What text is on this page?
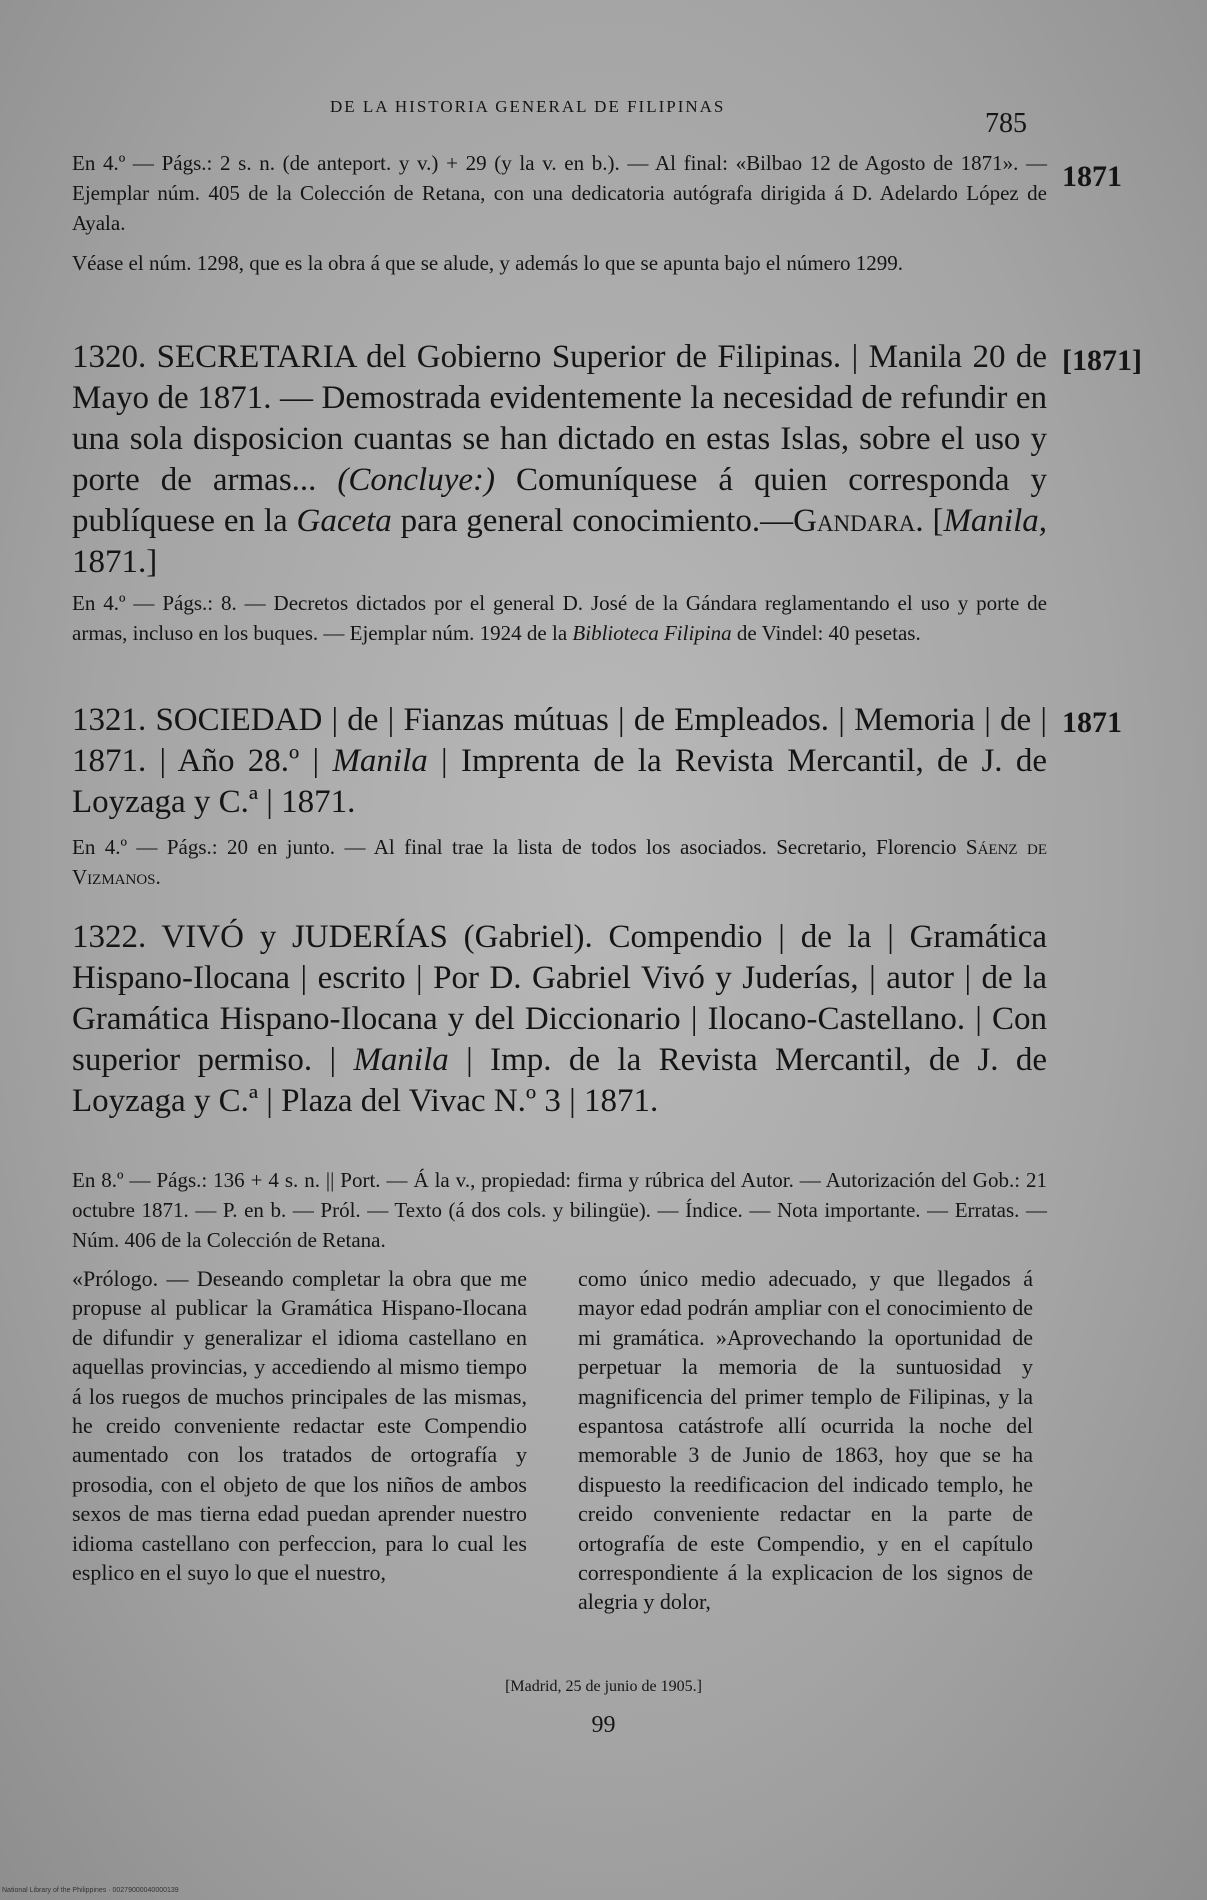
DE LA HISTORIA GENERAL DE FILIPINAS
785
1871
[1871]
1871
En 4.º — Págs.: 2 s. n. (de anteport. y v.) + 29 (y la v. en b.). — Al final: «Bilbao 12 de Agosto de 1871». — Ejemplar núm. 405 de la Colección de Retana, con una dedicatoria autógrafa dirigida á D. Adelardo López de Ayala.
Véase el núm. 1298, que es la obra á que se alude, y además lo que se apunta bajo el número 1299.
1320. SECRETARIA del Gobierno Superior de Filipinas. | Manila 20 de Mayo de 1871. — Demostrada evidentemente la necesidad de refundir en una sola disposicion cuantas se han dictado en estas Islas, sobre el uso y porte de armas... (Concluye:) Comuníquese á quien corresponda y publíquese en la Gaceta para general conocimiento.—Gandara. [Manila, 1871.]
En 4.º — Págs.: 8. — Decretos dictados por el general D. José de la Gándara reglamentando el uso y porte de armas, incluso en los buques. — Ejemplar núm. 1924 de la Biblioteca Filipina de Vindel: 40 pesetas.
1321. SOCIEDAD | de | Fianzas mútuas | de Empleados. | Memoria | de | 1871. | Año 28.º | Manila | Imprenta de la Revista Mercantil, de J. de Loyzaga y C.ª | 1871.
En 4.º — Págs.: 20 en junto. — Al final trae la lista de todos los asociados. Secretario, Florencio Sáenz de Vizmanos.
1322. VIVÓ y JUDERÍAS (Gabriel). Compendio | de la | Gramática Hispano-Ilocana | escrito | Por D. Gabriel Vivó y Juderías, | autor | de la Gramática Hispano-Ilocana y del Diccionario | Ilocano-Castellano. | Con superior permiso. | Manila | Imp. de la Revista Mercantil, de J. de Loyzaga y C.ª | Plaza del Vivac N.º 3 | 1871.
En 8.º — Págs.: 136 + 4 s. n. || Port. — Á la v., propiedad: firma y rúbrica del Autor. — Autorización del Gob.: 21 octubre 1871. — P. en b. — Pról. — Texto (á dos cols. y bilingüe). — Índice. — Nota importante. — Erratas. — Núm. 406 de la Colección de Retana.
«Prólogo. — Deseando completar la obra que me propuse al publicar la Gramática Hispano-Ilocana de difundir y generalizar el idioma castellano en aquellas provincias, y accediendo al mismo tiempo á los ruegos de muchos principales de las mismas, he creido conveniente redactar este Compendio aumentado con los tratados de ortografía y prosodia, con el objeto de que los niños de ambos sexos de mas tierna edad puedan aprender nuestro idioma castellano con perfeccion, para lo cual les esplico en el suyo lo que el nuestro,
como único medio adecuado, y que llegados á mayor edad podrán ampliar con el conocimiento de mi gramática. »Aprovechando la oportunidad de perpetuar la memoria de la suntuosidad y magnificencia del primer templo de Filipinas, y la espantosa catástrofe allí ocurrida la noche del memorable 3 de Junio de 1863, hoy que se ha dispuesto la reedificacion del indicado templo, he creido conveniente redactar en la parte de ortografía de este Compendio, y en el capítulo correspondiente á la explicacion de los signos de alegria y dolor,
[Madrid, 25 de junio de 1905.]
99
National Library of the Philippines · 00279000040000139
